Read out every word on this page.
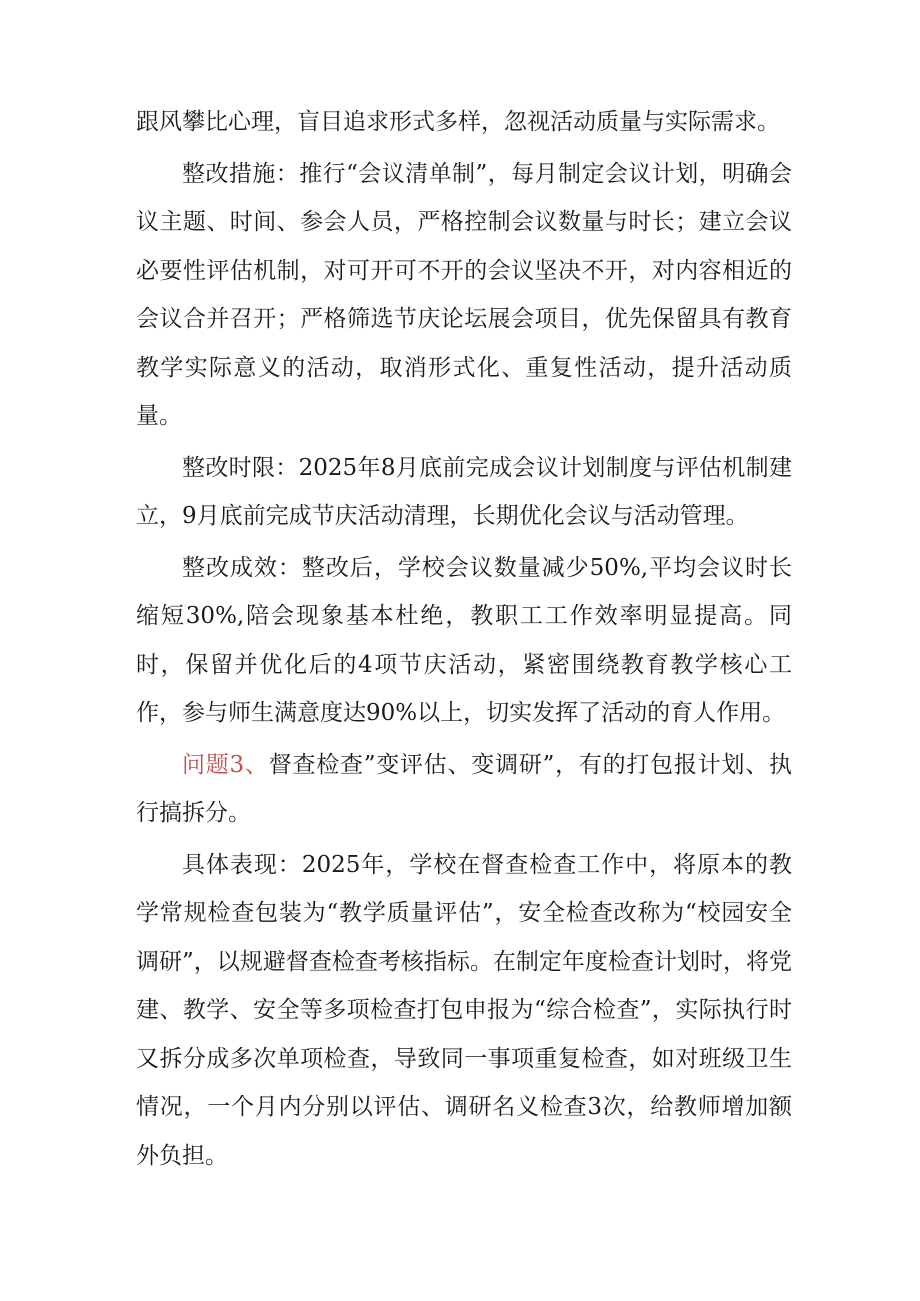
跟风攀比心理，盲目追求形式多样，忽视活动质量与实际需求。

整改措施：推行“会议清单制”，每月制定会议计划，明确会议主题、时间、参会人员，严格控制会议数量与时长；建立会议必要性评估机制，对可开可不开的会议坚决不开，对内容相近的会议合并召开；严格筛选节庆论坛展会项目，优先保留具有教育教学实际意义的活动，取消形式化、重复性活动，提升活动质量。

整改时限：2025年8月底前完成会议计划制度与评估机制建立，9月底前完成节庆活动清理，长期优化会议与活动管理。

整改成效：整改后，学校会议数量减少50%,平均会议时长缩短30%,陪会现象基本杜绝，教职工工作效率明显提高。同时，保留并优化后的4项节庆活动，紧密围绕教育教学核心工作，参与师生满意度达90%以上，切实发挥了活动的育人作用。

问题3、督查检查”变评估、变调研”，有的打包报计划、执行搞拆分。

具体表现：2025年，学校在督查检查工作中，将原本的教学常规检查包装为“教学质量评估”，安全检查改称为“校园安全调研”，以规避督查检查考核指标。在制定年度检查计划时，将党建、教学、安全等多项检查打包申报为“综合检查”，实际执行时又拆分成多次单项检查，导致同一事项重复检查，如对班级卫生情况，一个月内分别以评估、调研名义检查3次，给教师增加额外负担。
